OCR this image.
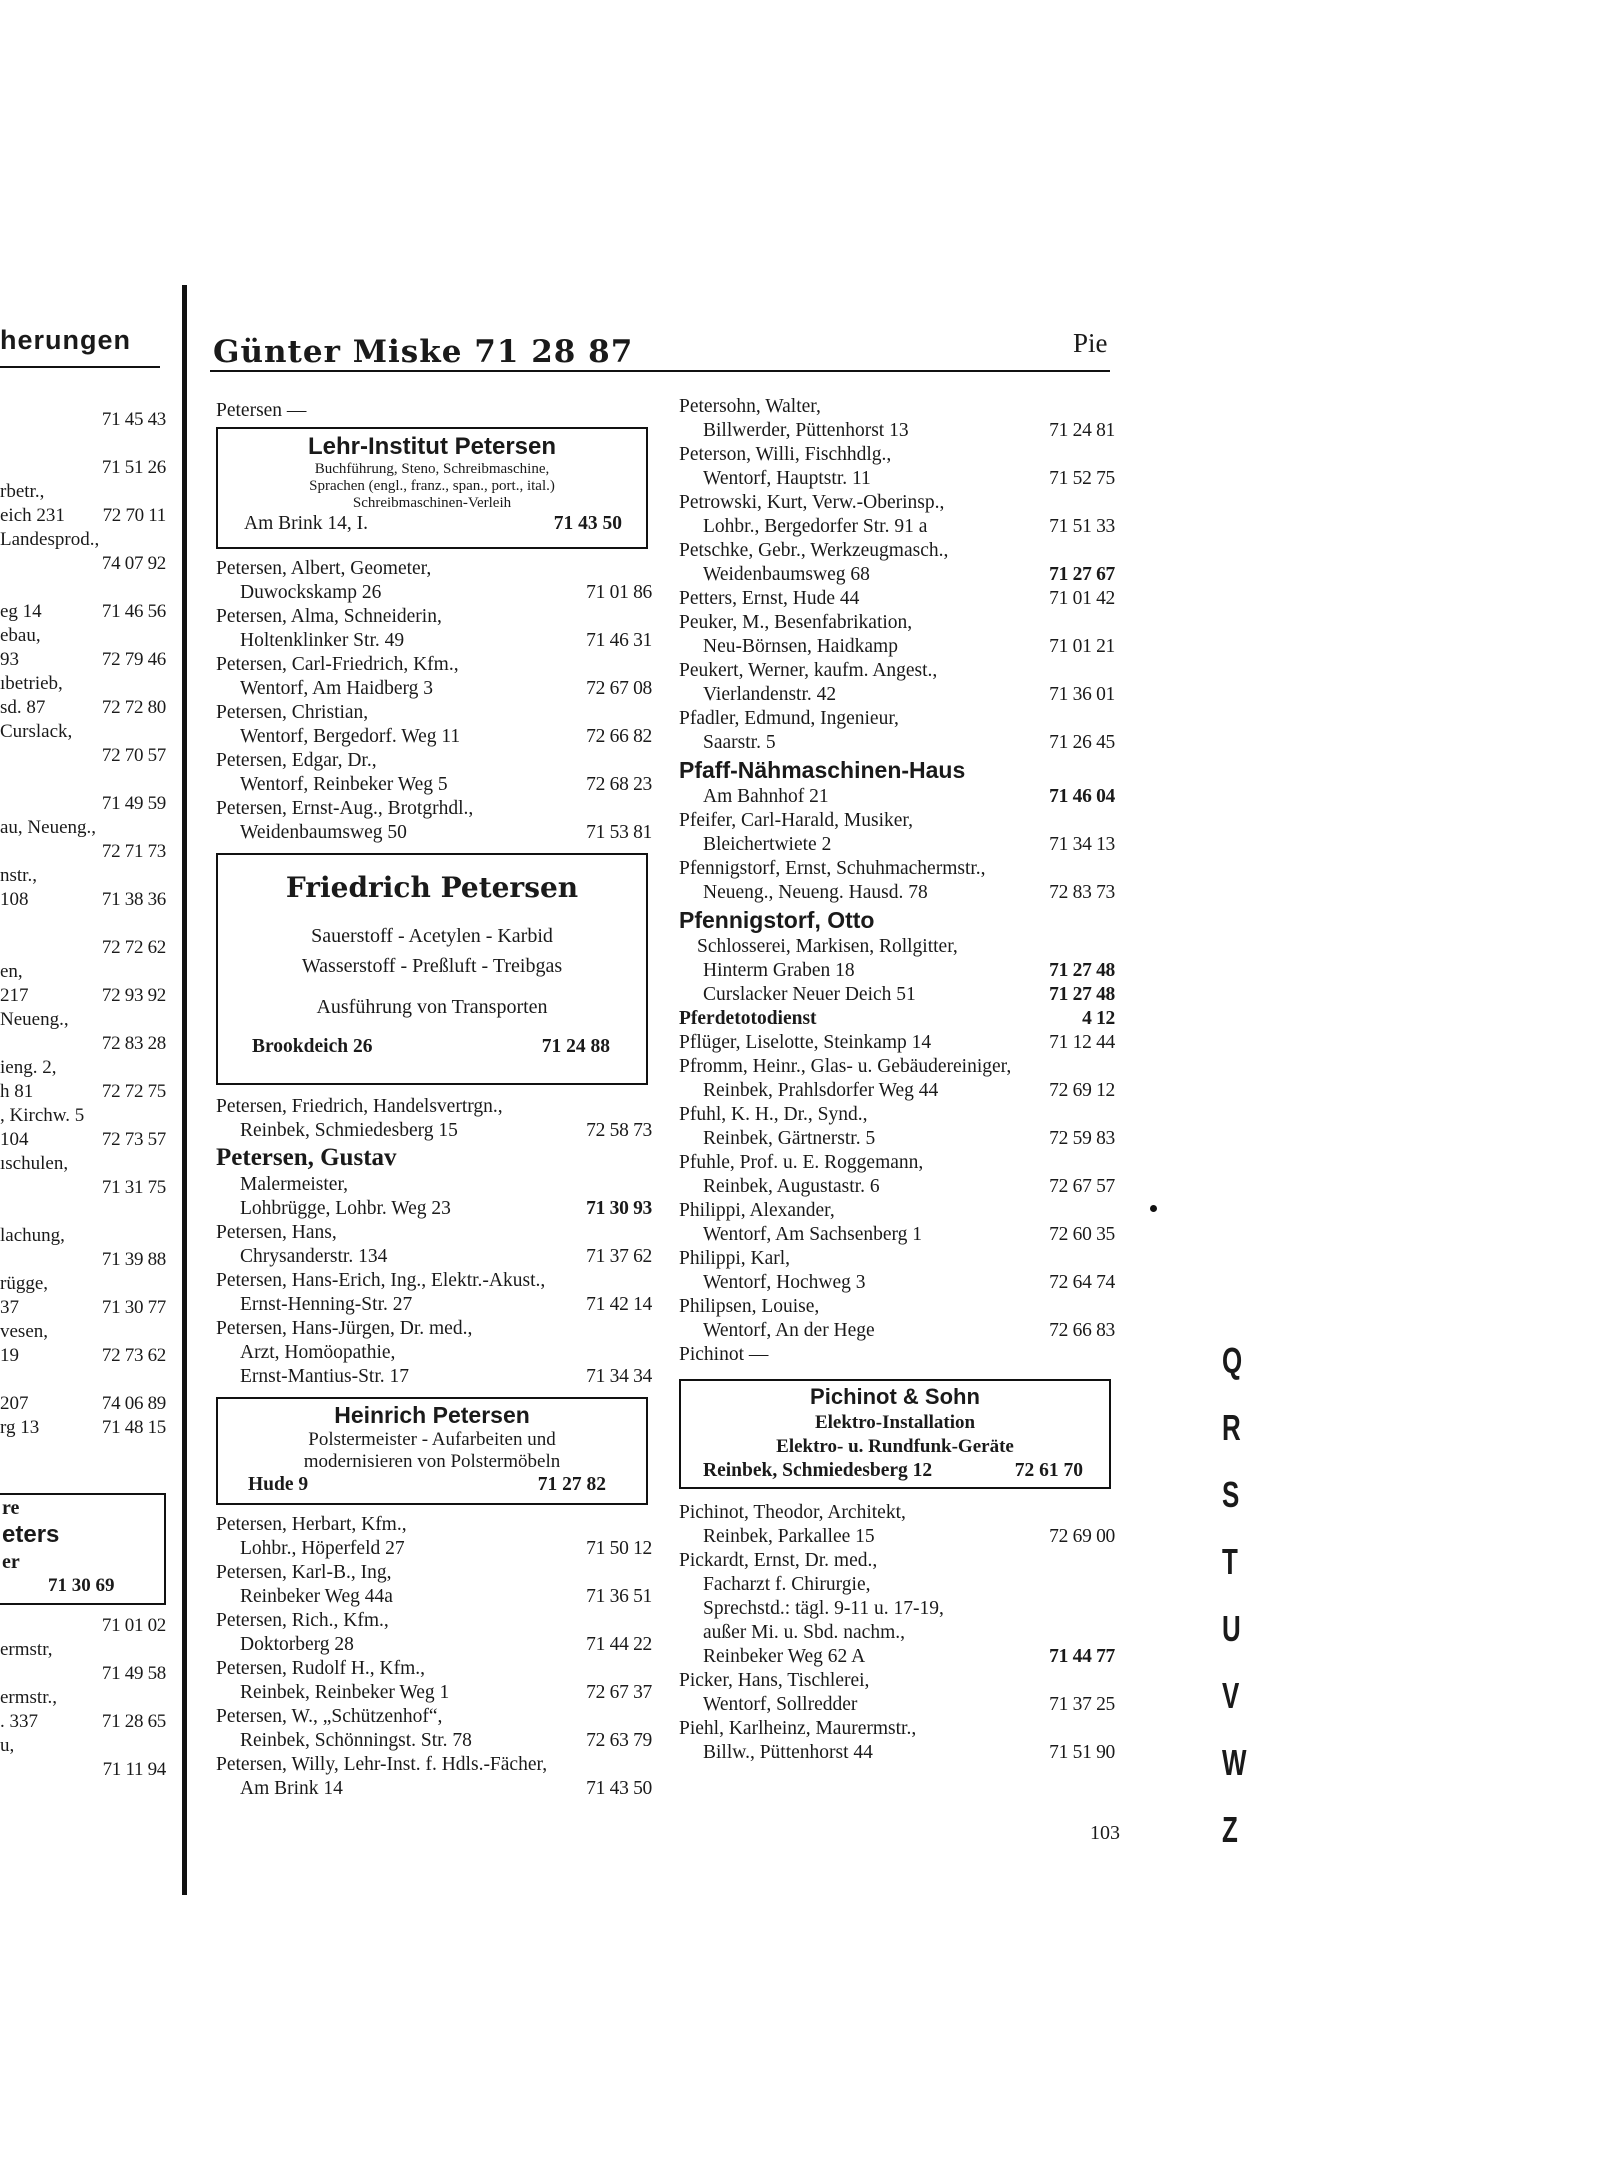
herungen	Günter Miske 71 28 87	Pie
71 45 43
71 51 26
rbetr.,
eich 231 72 70 11
Landesprod.,
74 07 92
eg 14	71 46 56
ebau,
93	72 79 46
ıbetrieb,
sd. 87	72 72 80
Curslack,
72 70 57
71 49 59
au, Neueng.,
72 71 73
nstr.,
108	71 38 36
72 72 62
en,
217	72 93 92
Neueng.,
72 83 28
ieng. 2,
h 81	72 72 75
, Kirchw. 5
104	72 73 57
ıschulen,
71 31 75
lachung,
71 39 88
rügge,
37	71 30 77
vesen,
19	72 73 62
207	74 06 89
rg 13	71 48 15
re
eters
er
71 30 69
71 01 02
ermstr,
71 49 58
ermstr.,
. 337	71 28 65
u,
71 11 94
Petersen —
Lehr-Institut Petersen
Buchführung, Steno, Schreibmaschine,
Sprachen (engl., franz., span., port., ital.)
Schreibmaschinen-Verleih
Am Brink 14, I.	71 43 50
Petersen, Albert, Geometer,
Duwockskamp 26	71 01 86
Petersen, Alma, Schneiderin,
Holtenklinker Str. 49	71 46 31
Petersen, Carl-Friedrich, Kfm.,
Wentorf, Am Haidberg 3	72 67 08
Petersen, Christian,
Wentorf, Bergedorf. Weg 11	72 66 82
Petersen, Edgar, Dr.,
Wentorf, Reinbeker Weg 5	72 68 23
Petersen, Ernst-Aug., Brotgrhdl.,
Weidenbaumsweg 50	71 53 81
Friedrich Petersen
Sauerstoff - Acetylen - Karbid
Wasserstoff - Preßluft - Treibgas
Ausführung von Transporten
Brookdeich 26	71 24 88
Petersen, Friedrich, Handelsvertrgn.,
Reinbek, Schmiedesberg 15	72 58 73
Petersen, Gustav
Malermeister,
Lohbrügge, Lohbr. Weg 23	71 30 93
Petersen, Hans,
Chrysanderstr. 134	71 37 62
Petersen, Hans-Erich, Ing., Elektr.-Akust.,
Ernst-Henning-Str. 27	71 42 14
Petersen, Hans-Jürgen, Dr. med.,
Arzt, Homöopathie,
Ernst-Mantius-Str. 17	71 34 34
Heinrich Petersen
Polstermeister - Aufarbeiten und
modernisieren von Polstermöbeln
Hude 9	71 27 82
Petersen, Herbart, Kfm.,
Lohbr., Höperfeld 27	71 50 12
Petersen, Karl-B., Ing,
Reinbeker Weg 44a	71 36 51
Petersen, Rich., Kfm.,
Doktorberg 28	71 44 22
Petersen, Rudolf H., Kfm.,
Reinbek, Reinbeker Weg 1	72 67 37
Petersen, W., „Schützenhof“,
Reinbek, Schönningst. Str. 78	72 63 79
Petersen, Willy, Lehr-Inst. f. Hdls.-Fächer,
Am Brink 14	71 43 50
Petersohn, Walter,
Billwerder, Püttenhorst 13	71 24 81
Peterson, Willi, Fischhdlg.,
Wentorf, Hauptstr. 11	71 52 75
Petrowski, Kurt, Verw.-Oberinsp.,
Lohbr., Bergedorfer Str. 91 a	71 51 33
Petschke, Gebr., Werkzeugmasch.,
Weidenbaumsweg 68	71 27 67
Petters, Ernst, Hude 44	71 01 42
Peuker, M., Besenfabrikation,
Neu-Börnsen, Haidkamp	71 01 21
Peukert, Werner, kaufm. Angest.,
Vierlandenstr. 42	71 36 01
Pfadler, Edmund, Ingenieur,
Saarstr. 5	71 26 45
Pfaff-Nähmaschinen-Haus
Am Bahnhof 21	71 46 04
Pfeifer, Carl-Harald, Musiker,
Bleichertwiete 2	71 34 13
Pfennigstorf, Ernst, Schuhmachermstr.,
Neueng., Neueng. Hausd. 78	72 83 73
Pfennigstorf, Otto
Schlosserei, Markisen, Rollgitter,
Hinterm Graben 18	71 27 48
Curslacker Neuer Deich 51	71 27 48
Pferdetotodienst	4 12
Pflüger, Liselotte, Steinkamp 14	71 12 44
Pfromm, Heinr., Glas- u. Gebäudereiniger,
Reinbek, Prahlsdorfer Weg 44	72 69 12
Pfuhl, K. H., Dr., Synd.,
Reinbek, Gärtnerstr. 5	72 59 83
Pfuhle, Prof. u. E. Roggemann,
Reinbek, Augustastr. 6	72 67 57
Philippi, Alexander,
Wentorf, Am Sachsenberg 1	72 60 35
Philippi, Karl,
Wentorf, Hochweg 3	72 64 74
Philipsen, Louise,
Wentorf, An der Hege	72 66 83
Pichinot —
Pichinot & Sohn
Elektro-Installation
Elektro- u. Rundfunk-Geräte
Reinbek, Schmiedesberg 12	72 61 70
Pichinot, Theodor, Architekt,
Reinbek, Parkallee 15	72 69 00
Pickardt, Ernst, Dr. med.,
Facharzt f. Chirurgie,
Sprechstd.: tägl. 9-11 u. 17-19,
außer Mi. u. Sbd. nachm.,
Reinbeker Weg 62 A	71 44 77
Picker, Hans, Tischlerei,
Wentorf, Sollredder	71 37 25
Piehl, Karlheinz, Maurermstr.,
Billw., Püttenhorst 44	71 51 90
103
Q
R
S
T
U
V
W
Z
